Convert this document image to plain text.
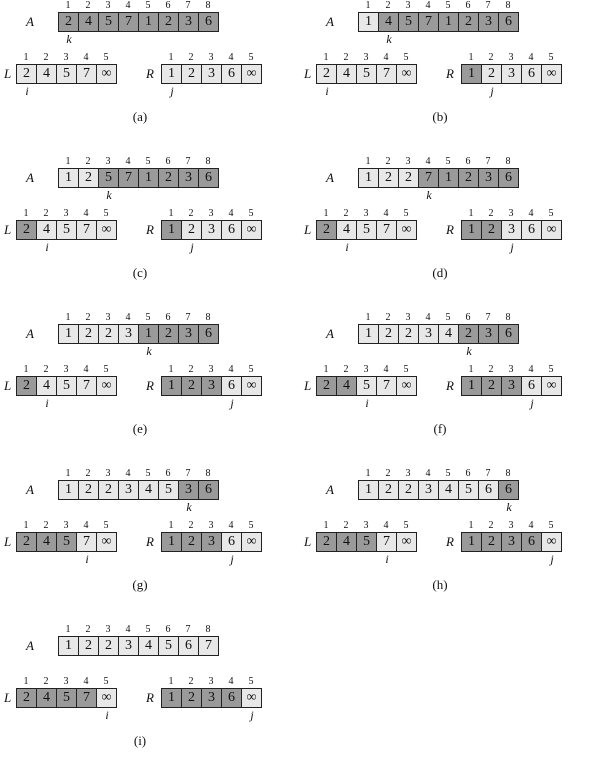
A
1
2
2
4
3
5
4
7
5
1
6
2
7
3
8
6
k
L
1
2
2
4
3
5
4
7
5
∞
i
R
1
1
2
2
3
3
4
6
5
∞
j
(a)
A
1
1
2
4
3
5
4
7
5
1
6
2
7
3
8
6
k
L
1
2
2
4
3
5
4
7
5
∞
i
R
1
1
2
2
3
3
4
6
5
∞
j
(b)
A
1
1
2
2
3
5
4
7
5
1
6
2
7
3
8
6
k
L
1
2
2
4
3
5
4
7
5
∞
i
R
1
1
2
2
3
3
4
6
5
∞
j
(c)
A
1
1
2
2
3
2
4
7
5
1
6
2
7
3
8
6
k
L
1
2
2
4
3
5
4
7
5
∞
i
R
1
1
2
2
3
3
4
6
5
∞
j
(d)
A
1
1
2
2
3
2
4
3
5
1
6
2
7
3
8
6
k
L
1
2
2
4
3
5
4
7
5
∞
i
R
1
1
2
2
3
3
4
6
5
∞
j
(e)
A
1
1
2
2
3
2
4
3
5
4
6
2
7
3
8
6
k
L
1
2
2
4
3
5
4
7
5
∞
i
R
1
1
2
2
3
3
4
6
5
∞
j
(f)
A
1
1
2
2
3
2
4
3
5
4
6
5
7
3
8
6
k
L
1
2
2
4
3
5
4
7
5
∞
i
R
1
1
2
2
3
3
4
6
5
∞
j
(g)
A
1
1
2
2
3
2
4
3
5
4
6
5
7
6
8
6
k
L
1
2
2
4
3
5
4
7
5
∞
i
R
1
1
2
2
3
3
4
6
5
∞
j
(h)
A
1
1
2
2
3
2
4
3
5
4
6
5
7
6
8
7
L
1
2
2
4
3
5
4
7
5
∞
i
R
1
1
2
2
3
3
4
6
5
∞
j
(i)
